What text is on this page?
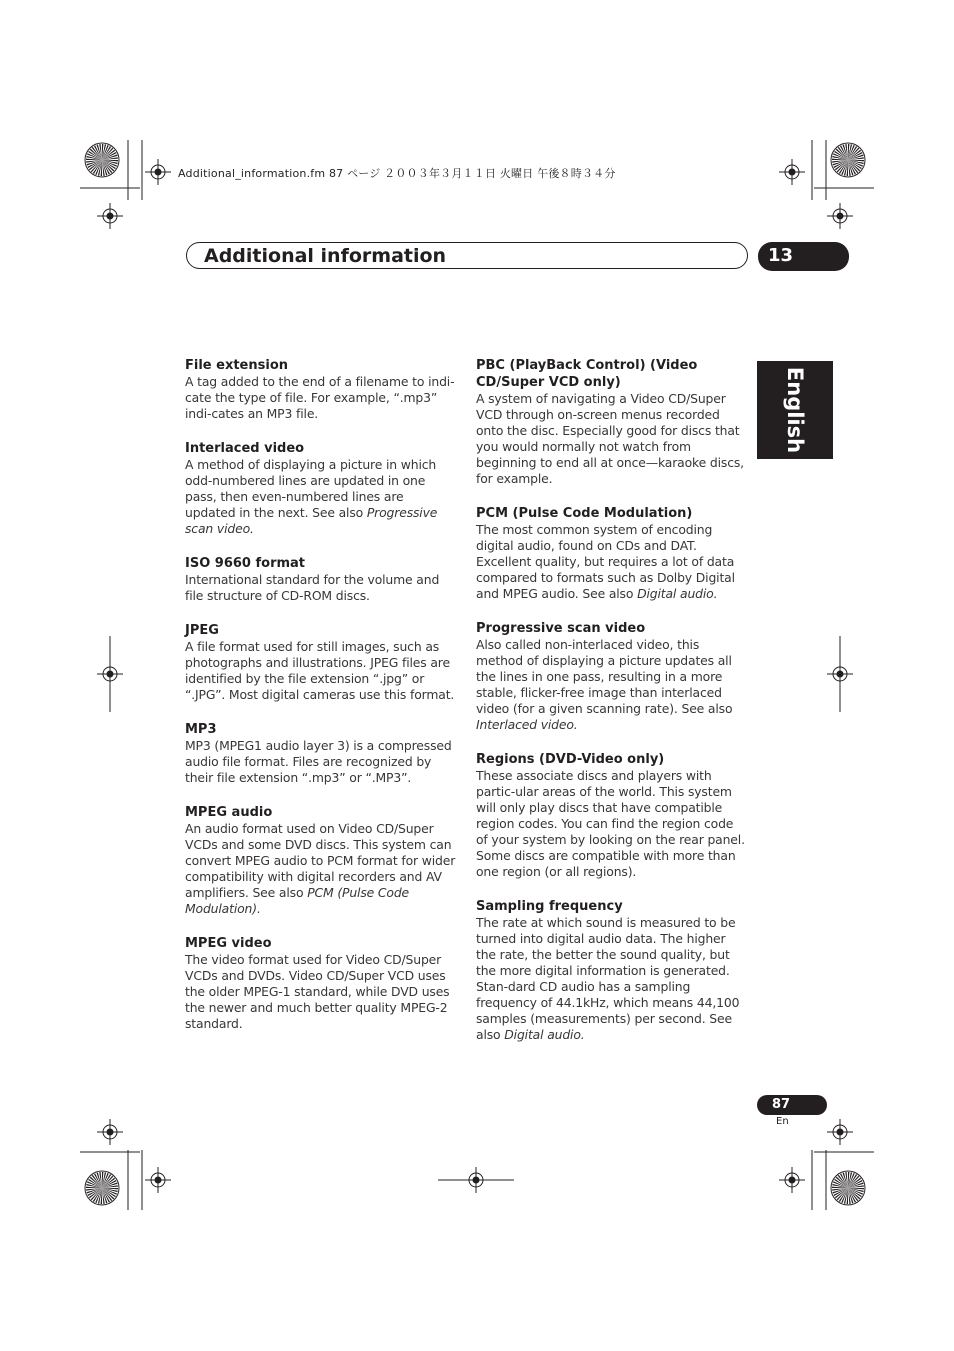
Additional_information.fm 87 ページ ２００３年３月１１日 火曜日 午後８時３４分
Additional information	13
English
File extension
A tag added to the end of a filename to indi-cate the type of file. For example, “.mp3” indi-cates an MP3 file.
Interlaced video
A method of displaying a picture in which odd-numbered lines are updated in one pass, then even-numbered lines are updated in the next. See also Progressive scan video.
ISO 9660 format
International standard for the volume and file structure of CD-ROM discs.
JPEG
A file format used for still images, such as photographs and illustrations. JPEG files are identified by the file extension “.jpg” or “.JPG”. Most digital cameras use this format.
MP3
MP3 (MPEG1 audio layer 3) is a compressed audio file format. Files are recognized by their file extension “.mp3” or “.MP3”.
MPEG audio
An audio format used on Video CD/Super VCDs and some DVD discs. This system can convert MPEG audio to PCM format for wider compatibility with digital recorders and AV amplifiers. See also PCM (Pulse Code Modulation).
MPEG video
The video format used for Video CD/Super VCDs and DVDs. Video CD/Super VCD uses the older MPEG-1 standard, while DVD uses the newer and much better quality MPEG-2 standard.
PBC (PlayBack Control) (Video CD/Super VCD only)
A system of navigating a Video CD/Super VCD through on-screen menus recorded onto the disc. Especially good for discs that you would normally not watch from beginning to end all at once—karaoke discs, for example.
PCM (Pulse Code Modulation)
The most common system of encoding digital audio, found on CDs and DAT. Excellent quality, but requires a lot of data compared to formats such as Dolby Digital and MPEG audio. See also Digital audio.
Progressive scan video
Also called non-interlaced video, this method of displaying a picture updates all the lines in one pass, resulting in a more stable, flicker-free image than interlaced video (for a given scanning rate). See also Interlaced video.
Regions (DVD-Video only)
These associate discs and players with partic-ular areas of the world. This system will only play discs that have compatible region codes. You can find the region code of your system by looking on the rear panel. Some discs are compatible with more than one region (or all regions).
Sampling frequency
The rate at which sound is measured to be turned into digital audio data. The higher the rate, the better the sound quality, but the more digital information is generated. Stan-dard CD audio has a sampling frequency of 44.1kHz, which means 44,100 samples (measurements) per second. See also Digital audio.
87
En
